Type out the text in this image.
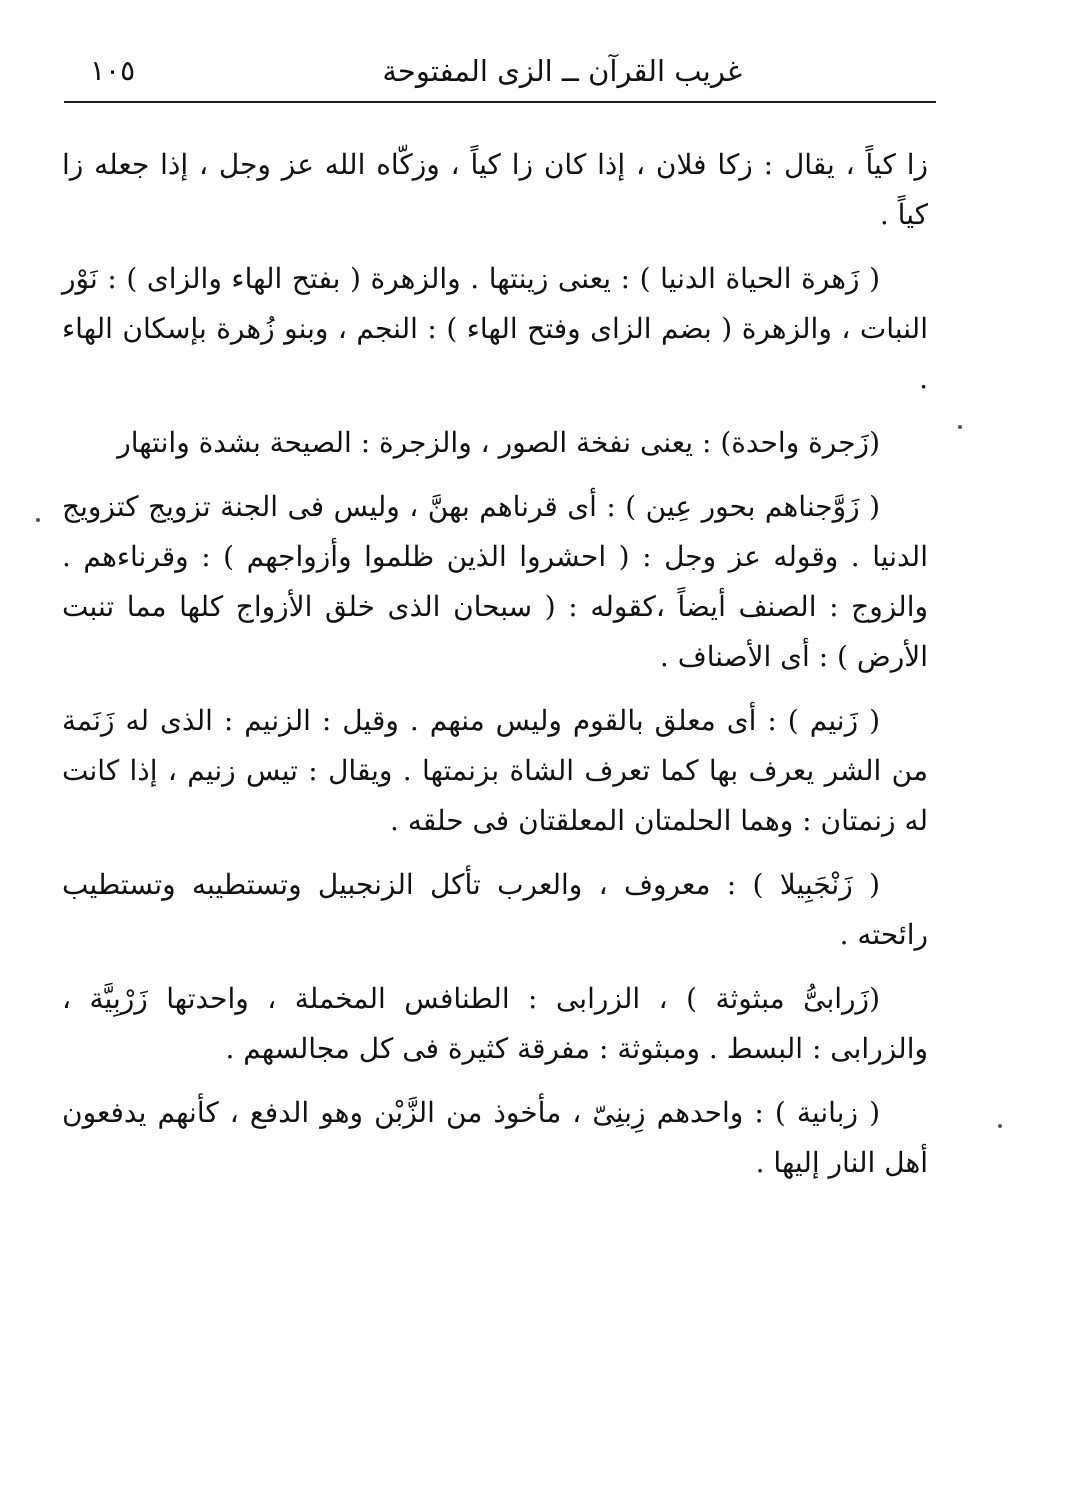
غريب القرآن ــ الزى المفتوحة
١٠٥

زا كياً ، يقال : زكا فلان ، إذا كان زا كياً ، وزكّاه الله عز وجل ، إذا جعله زا كياً .

( زَهرة الحياة الدنيا ) : يعنى زينتها . والزهرة ( بفتح الهاء والزاى ) : نَوْر النبات ، والزهرة ( بضم الزاى وفتح الهاء ) : النجم ، وبنو زُهرة بإسكان الهاء .

(زَجرة واحدة) : يعنى نفخة الصور ، والزجرة : الصيحة بشدة وانتهار

( زَوَّجناهم بحور عِين ) : أى قرناهم بهنَّ ، وليس فى الجنة تزويج كتزويج الدنيا . وقوله عز وجل : ( احشروا الذين ظلموا وأزواجهم ) : وقرناءهم . والزوج : الصنف أيضاً ،كقوله : ( سبحان الذى خلق الأزواج كلها مما تنبت الأرض ) : أى الأصناف .

( زَنيم ) : أى معلق بالقوم وليس منهم . وقيل : الزنيم : الذى له زَنَمة من الشر يعرف بها كما تعرف الشاة بزنمتها . ويقال : تيس زنيم ، إذا كانت له زنمتان : وهما الحلمتان المعلقتان فى حلقه .

( زَنْجَبِيلا ) : معروف ، والعرب تأكل الزنجبيل وتستطيبه وتستطيب رائحته .

(زَرابىُّ مبثوثة ) ، الزرابى : الطنافس المخملة ، واحدتها زَرْبِيَّة ، والزرابى : البسط . ومبثوثة : مفرقة كثيرة فى كل مجالسهم .

( زبانية ) : واحدهم زِبنِىّ ، مأخوذ من الزَّبْن وهو الدفع ، كأنهم يدفعون أهل النار إليها .
